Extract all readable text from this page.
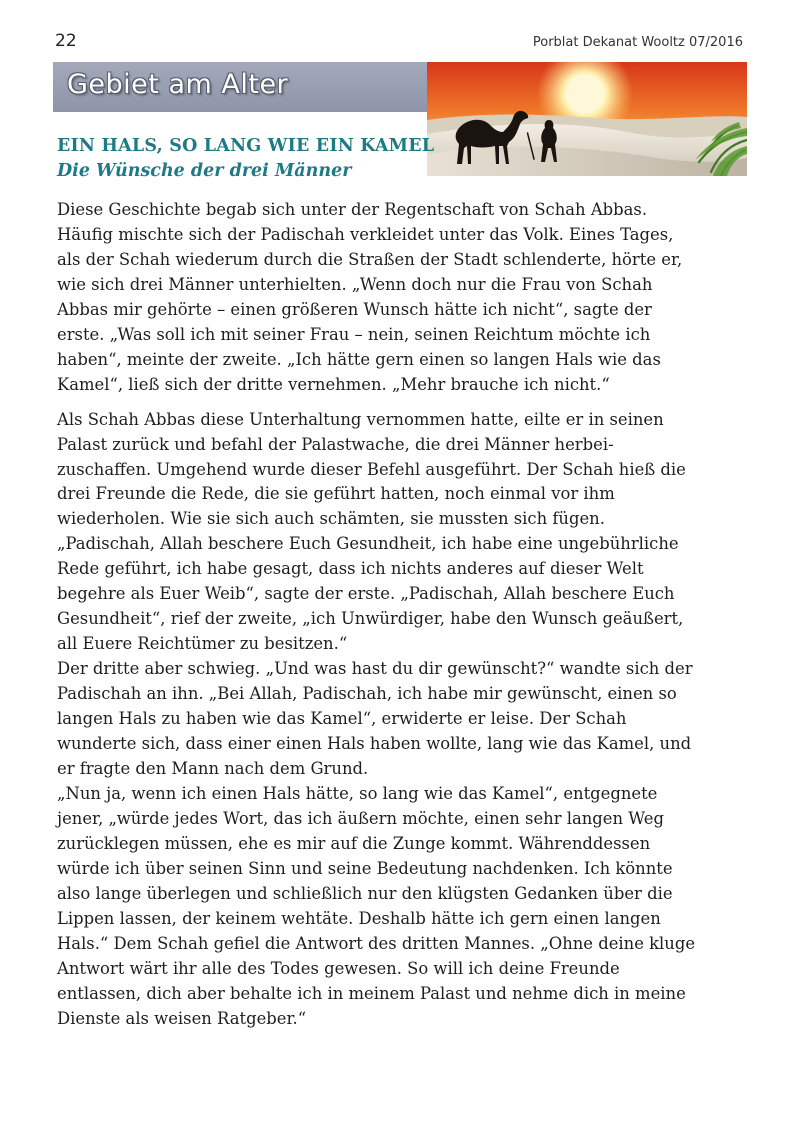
22	Porblat Dekanat Wooltz 07/2016
Gebiet am Alter
EIN HALS, SO LANG WIE EIN KAMEL
Die Wünsche der drei Männer
Diese Geschichte begab sich unter der Regentschaft von Schah Abbas.
Häufig mischte sich der Padischah verkleidet unter das Volk. Eines Tages,
als der Schah wiederum durch die Straßen der Stadt schlenderte, hörte er,
wie sich drei Männer unterhielten. „Wenn doch nur die Frau von Schah
Abbas mir gehörte – einen größeren Wunsch hätte ich nicht“, sagte der
erste. „Was soll ich mit seiner Frau – nein, seinen Reichtum möchte ich
haben“, meinte der zweite. „Ich hätte gern einen so langen Hals wie das
Kamel“, ließ sich der dritte vernehmen. „Mehr brauche ich nicht.“
Als Schah Abbas diese Unterhaltung vernommen hatte, eilte er in seinen
Palast zurück und befahl der Palastwache, die drei Männer herbei-
zuschaffen. Umgehend wurde dieser Befehl ausgeführt. Der Schah hieß die
drei Freunde die Rede, die sie geführt hatten, noch einmal vor ihm
wiederholen. Wie sie sich auch schämten, sie mussten sich fügen.
„Padischah, Allah beschere Euch Gesundheit, ich habe eine ungebührliche
Rede geführt, ich habe gesagt, dass ich nichts anderes auf dieser Welt
begehre als Euer Weib“, sagte der erste. „Padischah, Allah beschere Euch
Gesundheit“, rief der zweite, „ich Unwürdiger, habe den Wunsch geäußert,
all Euere Reichtümer zu besitzen.“
Der dritte aber schwieg. „Und was hast du dir gewünscht?“ wandte sich der
Padischah an ihn. „Bei Allah, Padischah, ich habe mir gewünscht, einen so
langen Hals zu haben wie das Kamel“, erwiderte er leise. Der Schah
wunderte sich, dass einer einen Hals haben wollte, lang wie das Kamel, und
er fragte den Mann nach dem Grund.
„Nun ja, wenn ich einen Hals hätte, so lang wie das Kamel“, entgegnete
jener, „würde jedes Wort, das ich äußern möchte, einen sehr langen Weg
zurücklegen müssen, ehe es mir auf die Zunge kommt. Währenddessen
würde ich über seinen Sinn und seine Bedeutung nachdenken. Ich könnte
also lange überlegen und schließlich nur den klügsten Gedanken über die
Lippen lassen, der keinem wehtäte. Deshalb hätte ich gern einen langen
Hals.“ Dem Schah gefiel die Antwort des dritten Mannes. „Ohne deine kluge
Antwort wärt ihr alle des Todes gewesen. So will ich deine Freunde
entlassen, dich aber behalte ich in meinem Palast und nehme dich in meine
Dienste als weisen Ratgeber.“
